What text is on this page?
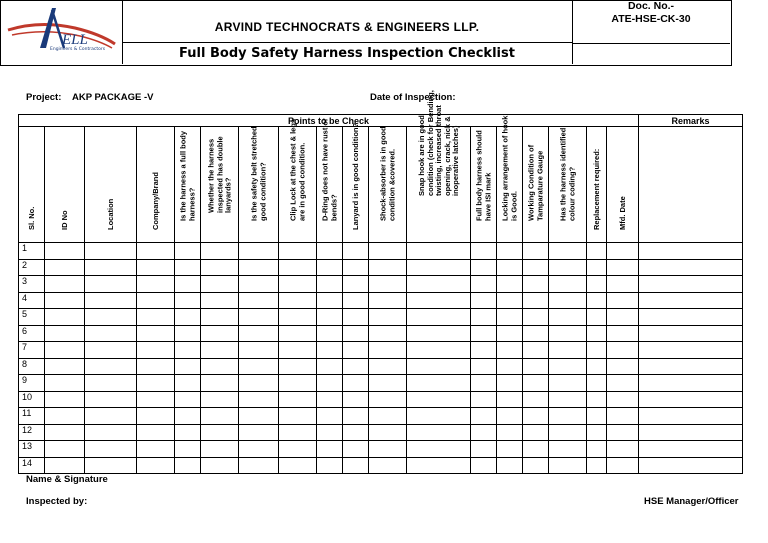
ELL
Engineers & Contractors
ARVIND TECHNOCRATS & ENGINEERS LLP.
Full Body Safety Harness Inspection Checklist
Doc. No.-
ATE-HSE-CK-30
Project: AKP PACKAGE -V	Date of Inspection:
Points to be Check																		Remarks

Sl. No.	ID No	Location	Company/Brand	Is the harness a full body harness?	Whether the harness inspected has double lanyards?	Is the safety belt stretched good condition?	Clip Lock at the chest & legs are in good condition.	D-Ring does not have rust or bends?	Lanyard is in good condition?	Shock-absorber is in good condition &covered.	Snap hook are in good condition (check for Bending, twisting, increased throat opening, crack, nick & inoperative latches)	Full body harness should have ISI mark	Locking arrangement of hook is Good.	Working Condition of Tamparature Gauge	Has the harness identified colour coding?	Replacement required:	Mfd. Date	

1																		
2																		
3																		
4																		
5																		
6																		
7																		
8																		
9																		
10																		
11																		
12																		
13																		
14																		
Name & Signature
Inspected by:	HSE Manager/Officer
